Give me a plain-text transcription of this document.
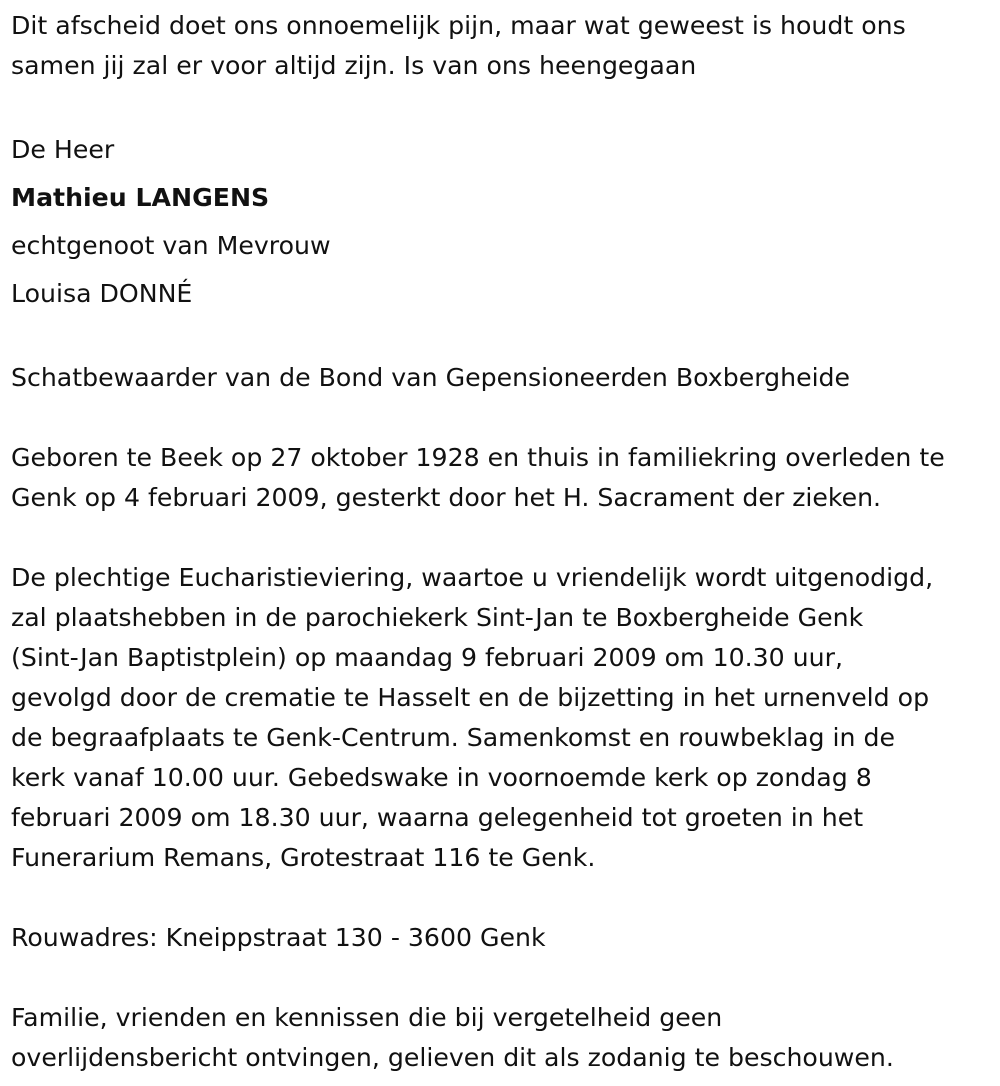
Dit afscheid doet ons onnoemelijk pijn, maar wat geweest is houdt ons

samen jij zal er voor altijd zijn. Is van ons heengegaan

De Heer

Mathieu LANGENS

echtgenoot van Mevrouw

Louisa DONNÉ

Schatbewaarder van de Bond van Gepensioneerden Boxbergheide

Geboren te Beek op 27 oktober 1928 en thuis in familiekring overleden te

Genk op 4 februari 2009, gesterkt door het H. Sacrament der zieken.

De plechtige Eucharistieviering, waartoe u vriendelijk wordt uitgenodigd,

zal plaatshebben in de parochiekerk Sint-Jan te Boxbergheide Genk

(Sint-Jan Baptistplein) op maandag 9 februari 2009 om 10.30 uur,

gevolgd door de crematie te Hasselt en de bijzetting in het urnenveld op

de begraafplaats te Genk-Centrum. Samenkomst en rouwbeklag in de

kerk vanaf 10.00 uur. Gebedswake in voornoemde kerk op zondag 8

februari 2009 om 18.30 uur, waarna gelegenheid tot groeten in het

Funerarium Remans, Grotestraat 116 te Genk.

Rouwadres: Kneippstraat 130 - 3600 Genk

Familie, vrienden en kennissen die bij vergetelheid geen

overlijdensbericht ontvingen, gelieven dit als zodanig te beschouwen.
